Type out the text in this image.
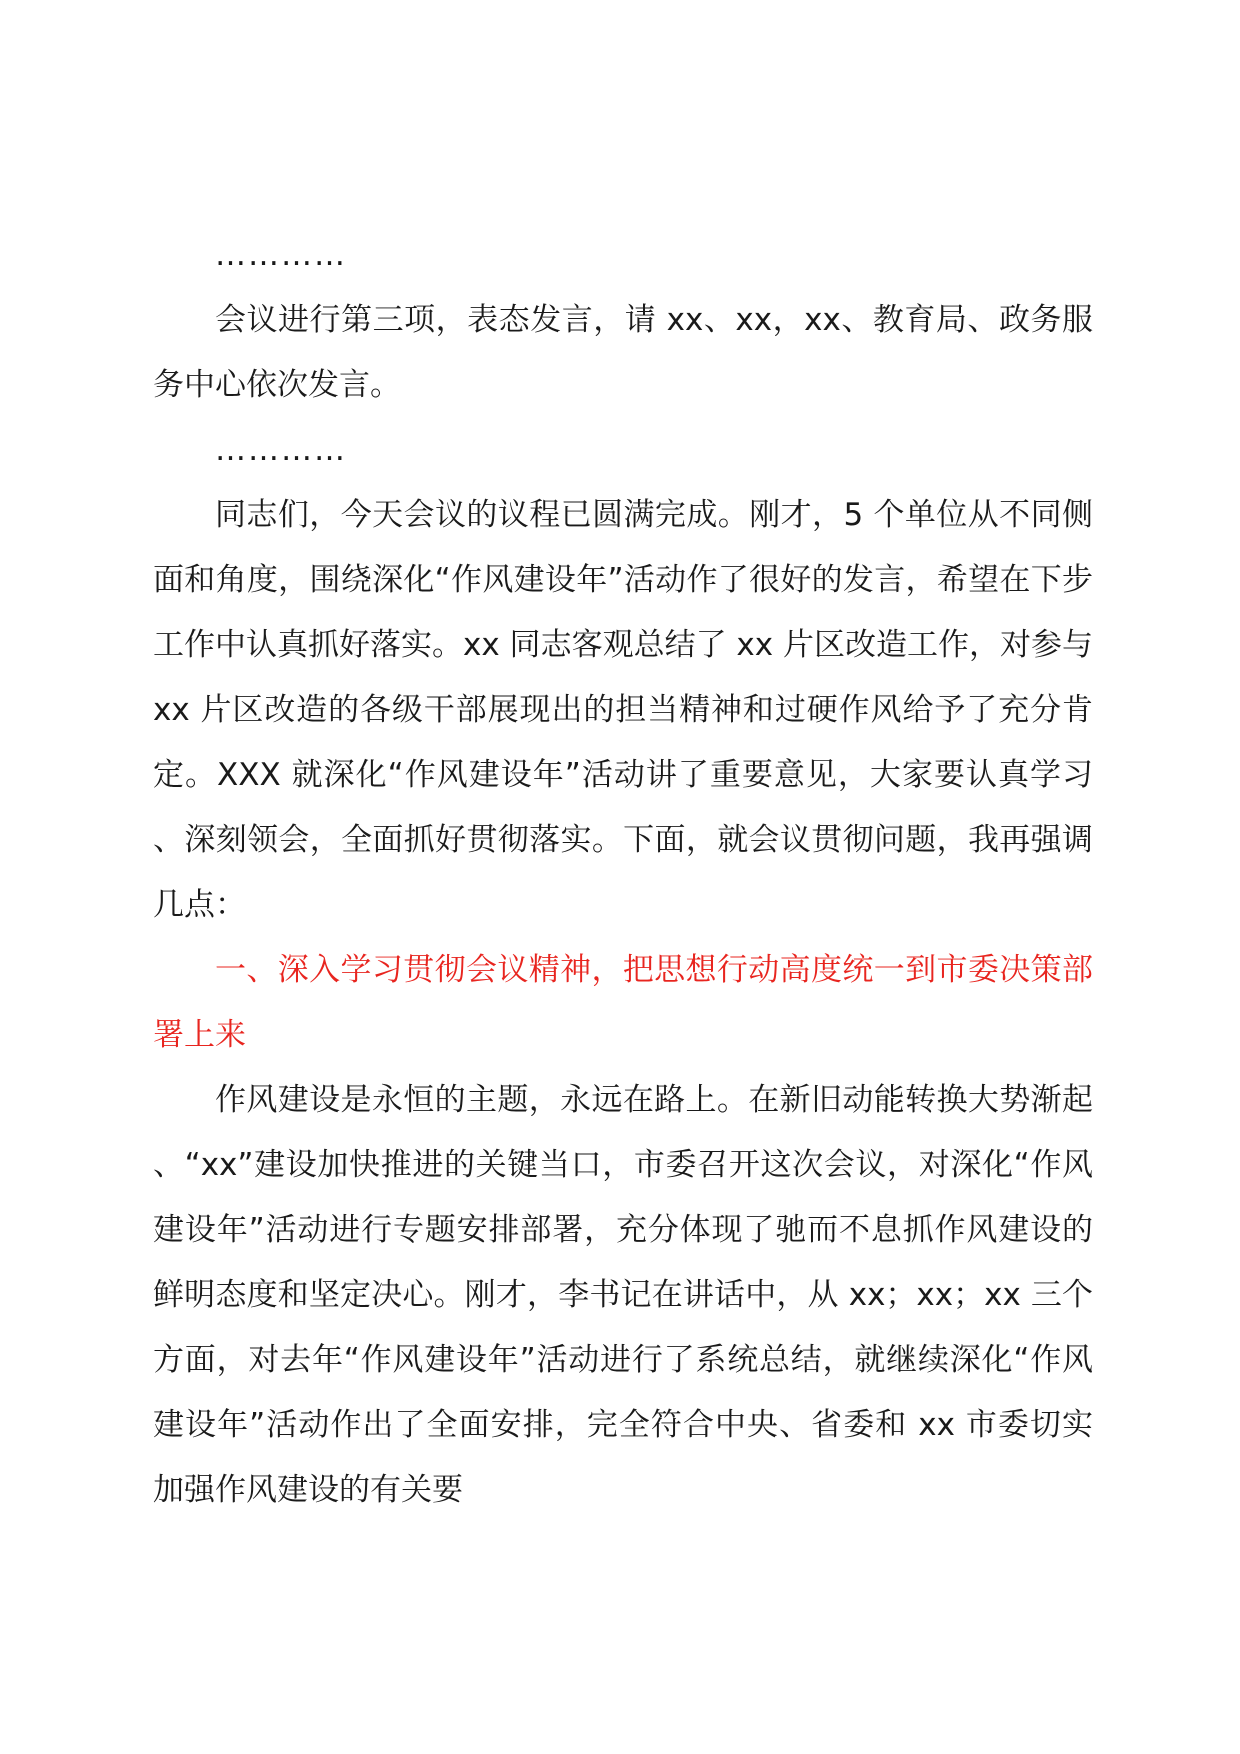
…………

会议进行第三项，表态发言，请 xx、xx，xx、教育局、政务服务中心依次发言。

…………

同志们，今天会议的议程已圆满完成。刚才，5 个单位从不同侧面和角度，围绕深化“作风建设年”活动作了很好的发言，希望在下步工作中认真抓好落实。xx 同志客观总结了 xx 片区改造工作，对参与 xx 片区改造的各级干部展现出的担当精神和过硬作风给予了充分肯定。XXX 就深化“作风建设年”活动讲了重要意见，大家要认真学习、深刻领会，全面抓好贯彻落实。下面，就会议贯彻问题，我再强调几点：

一、深入学习贯彻会议精神，把思想行动高度统一到市委决策部署上来

作风建设是永恒的主题，永远在路上。在新旧动能转换大势渐起、“xx”建设加快推进的关键当口，市委召开这次会议，对深化“作风建设年”活动进行专题安排部署，充分体现了驰而不息抓作风建设的鲜明态度和坚定决心。刚才，李书记在讲话中，从 xx；xx；xx 三个方面，对去年“作风建设年”活动进行了系统总结，就继续深化“作风建设年”活动作出了全面安排，完全符合中央、省委和 xx 市委切实加强作风建设的有关要
